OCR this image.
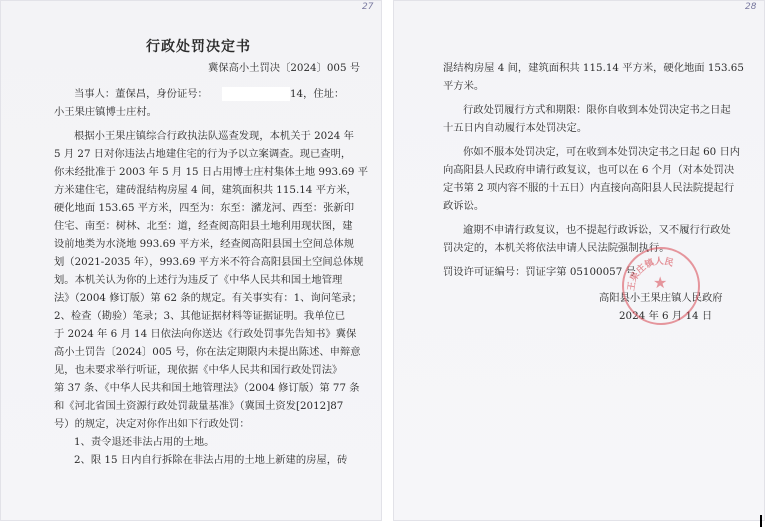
27
行政处罚决定书
冀保高小土罚决〔2024〕005 号
当事人：董保昌，身份证号：	14，住址：
小王果庄镇博士庄村。
根据小王果庄镇综合行政执法队巡查发现，本机关于 2024 年
5 月 27 日对你违法占地建住宅的行为予以立案调查。现已查明，
你未经批准于 2003 年 5 月 15 日占用博士庄村集体土地 993.69 平
方米建住宅，建砖混结构房屋 4 间，建筑面积共 115.14 平方米，
硬化地面 153.65 平方米，四至为：东至：瀦龙河、西至：张新印
住宅、南至：树林、北至：道，经查阅高阳县土地利用现状图，建
设前地类为水浇地 993.69 平方米，经查阅高阳县国土空间总体规
划（2021-2035 年），993.69 平方米不符合高阳县国土空间总体规
划。本机关认为你的上述行为违反了《中华人民共和国土地管理
法》（2004 修订版）第 62 条的规定。有关事实有：1、询问笔录；
2、检查（勘验）笔录；3、其他证据材料等证据证明。我单位已
于 2024 年 6 月 14 日依法向你送达《行政处罚事先告知书》冀保
高小土罚告〔2024〕005 号，你在法定期限内未提出陈述、申辩意
见，也未要求举行听证，现依据《中华人民共和国行政处罚法》
第 37 条、《中华人民共和国土地管理法》（2004 修订版）第 77 条
和《河北省国土资源行政处罚裁量基准》（冀国土资发[2012]87
号）的规定，决定对你作出如下行政处罚：
1、责令退还非法占用的土地。
2、限 15 日内自行拆除在非法占用的土地上新建的房屋，砖
28
混结构房屋 4 间，建筑面积共 115.14 平方米，硬化地面 153.65
平方米。
行政处罚履行方式和期限：限你自收到本处罚决定书之日起
十五日内自动履行本处罚决定。
你如不服本处罚决定，可在收到本处罚决定书之日起 60 日内
向高阳县人民政府申请行政复议，也可以在 6 个月（对本处罚决
定书第 2 项内容不服的十五日）内直接向高阳县人民法院提起行
政诉讼。
逾期不申请行政复议，也不提起行政诉讼，又不履行行政处
罚决定的，本机关将依法申请人民法院强制执行。
罚设许可证编号：罚证字第 05100057 号
高阳县小王果庄镇人民政府
2024 年 6 月 14 日
王果庄镇人民
★
